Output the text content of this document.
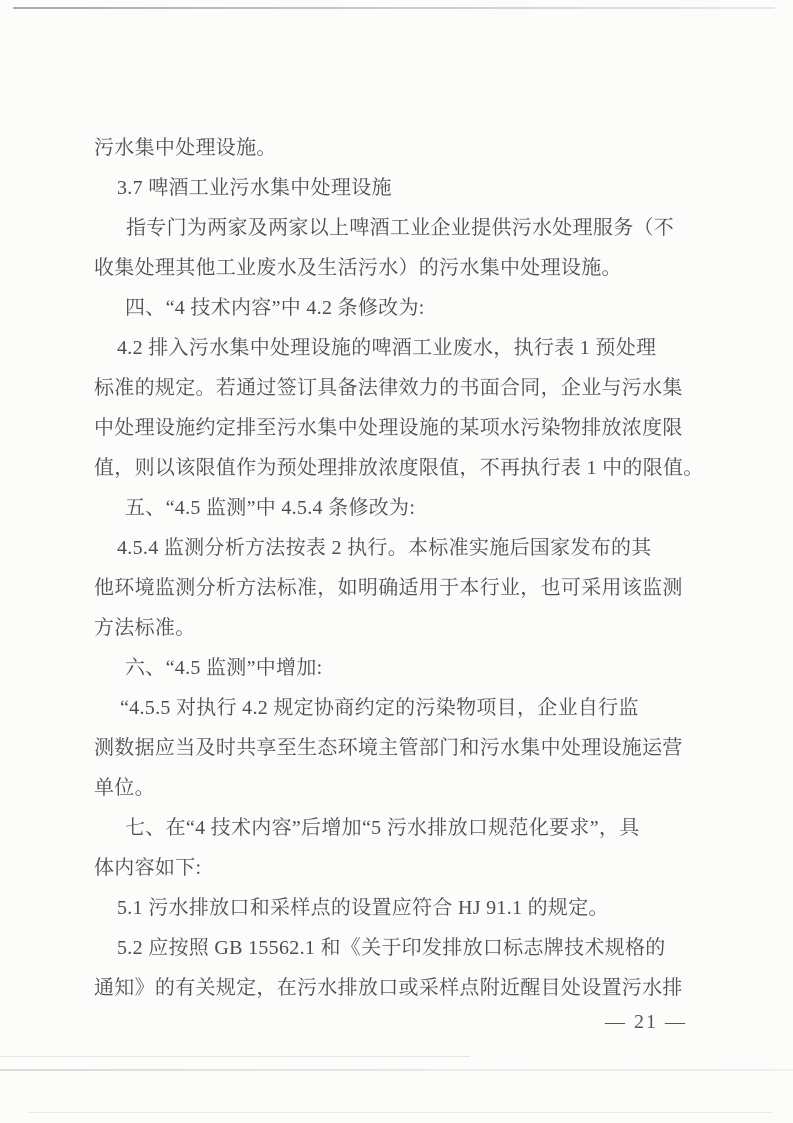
污水集中处理设施。
3.7 啤酒工业污水集中处理设施
指专门为两家及两家以上啤酒工业企业提供污水处理服务（不
收集处理其他工业废水及生活污水）的污水集中处理设施。
四、“4 技术内容”中 4.2 条修改为:
4.2 排入污水集中处理设施的啤酒工业废水，执行表 1 预处理
标准的规定。若通过签订具备法律效力的书面合同，企业与污水集
中处理设施约定排至污水集中处理设施的某项水污染物排放浓度限
值，则以该限值作为预处理排放浓度限值，不再执行表 1 中的限值。
五、“4.5 监测”中 4.5.4 条修改为:
4.5.4 监测分析方法按表 2 执行。本标准实施后国家发布的其
他环境监测分析方法标准，如明确适用于本行业，也可采用该监测
方法标准。
六、“4.5 监测”中增加:
“4.5.5 对执行 4.2 规定协商约定的污染物项目，企业自行监
测数据应当及时共享至生态环境主管部门和污水集中处理设施运营
单位。
七、在“4 技术内容”后增加“5 污水排放口规范化要求”，具
体内容如下:
5.1 污水排放口和采样点的设置应符合 HJ 91.1 的规定。
5.2 应按照 GB 15562.1 和《关于印发排放口标志牌技术规格的
通知》的有关规定，在污水排放口或采样点附近醒目处设置污水排
— 21 —
